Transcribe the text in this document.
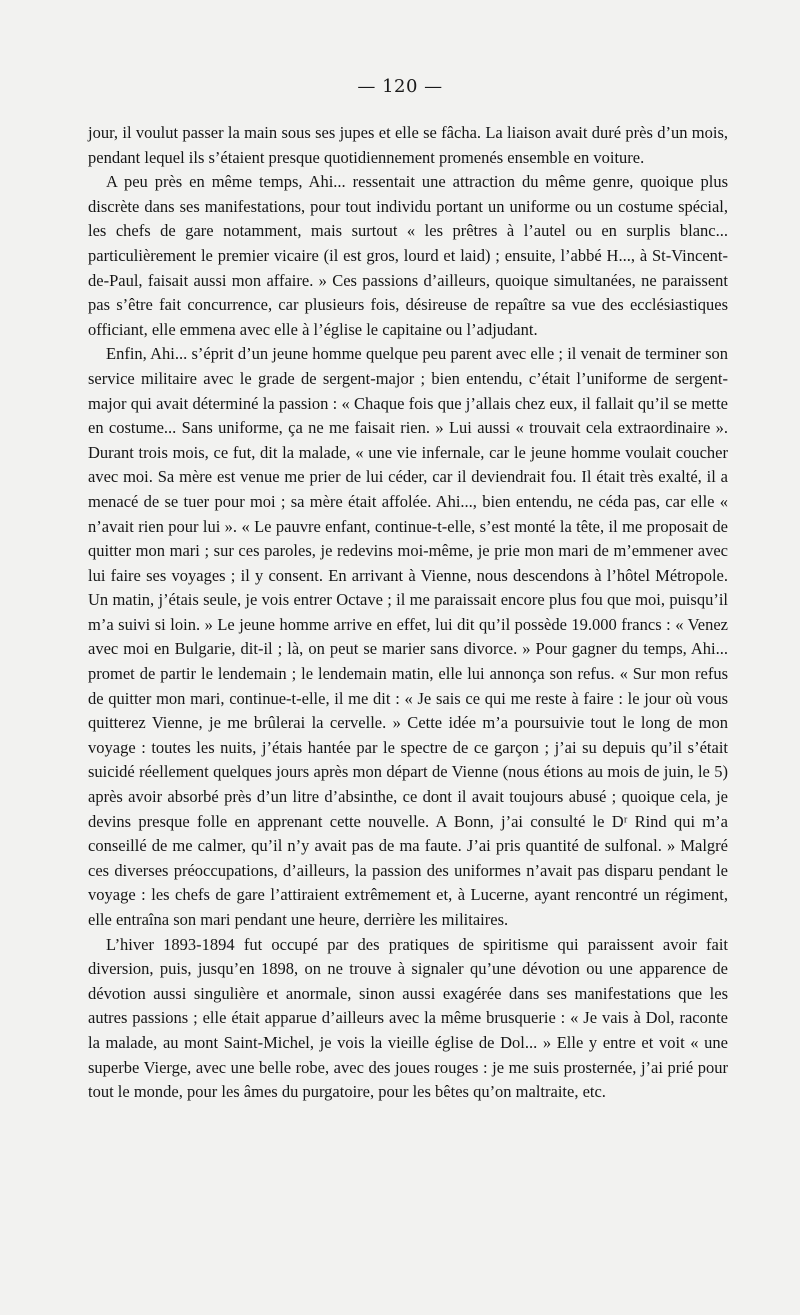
— 120 —

jour, il voulut passer la main sous ses jupes et elle se fâcha. La liaison avait duré près d’un mois, pendant lequel ils s’étaient presque quotidiennement promenés ensemble en voiture.

A peu près en même temps, Ahi... ressentait une attraction du même genre, quoique plus discrète dans ses manifestations, pour tout individu portant un uniforme ou un costume spécial, les chefs de gare notamment, mais surtout « les prêtres à l’autel ou en surplis blanc... particulièrement le premier vicaire (il est gros, lourd et laid) ; ensuite, l’abbé H..., à St-Vincent-de-Paul, faisait aussi mon affaire. » Ces passions d’ailleurs, quoique simultanées, ne paraissent pas s’être fait concurrence, car plusieurs fois, désireuse de repaître sa vue des ecclésiastiques officiant, elle emmena avec elle à l’église le capitaine ou l’adjudant.

Enfin, Ahi... s’éprit d’un jeune homme quelque peu parent avec elle ; il venait de terminer son service militaire avec le grade de sergent-major ; bien entendu, c’était l’uniforme de sergent-major qui avait déterminé la passion : « Chaque fois que j’allais chez eux, il fallait qu’il se mette en costume... Sans uniforme, ça ne me faisait rien. » Lui aussi « trouvait cela extraordinaire ». Durant trois mois, ce fut, dit la malade, « une vie infernale, car le jeune homme voulait coucher avec moi. Sa mère est venue me prier de lui céder, car il deviendrait fou. Il était très exalté, il a menacé de se tuer pour moi ; sa mère était affolée. Ahi..., bien entendu, ne céda pas, car elle « n’avait rien pour lui ». « Le pauvre enfant, continue-t-elle, s’est monté la tête, il me proposait de quitter mon mari ; sur ces paroles, je redevins moi-même, je prie mon mari de m’emmener avec lui faire ses voyages ; il y consent. En arrivant à Vienne, nous descendons à l’hôtel Métropole. Un matin, j’étais seule, je vois entrer Octave ; il me paraissait encore plus fou que moi, puisqu’il m’a suivi si loin. » Le jeune homme arrive en effet, lui dit qu’il possède 19.000 francs : « Venez avec moi en Bulgarie, dit-il ; là, on peut se marier sans divorce. » Pour gagner du temps, Ahi... promet de partir le lendemain ; le lendemain matin, elle lui annonça son refus. « Sur mon refus de quitter mon mari, continue-t-elle, il me dit : « Je sais ce qui me reste à faire : le jour où vous quitterez Vienne, je me brûlerai la cervelle. » Cette idée m’a poursuivie tout le long de mon voyage : toutes les nuits, j’étais hantée par le spectre de ce garçon ; j’ai su depuis qu’il s’était suicidé réellement quelques jours après mon départ de Vienne (nous étions au mois de juin, le 5) après avoir absorbé près d’un litre d’absinthe, ce dont il avait toujours abusé ; quoique cela, je devins presque folle en apprenant cette nouvelle. A Bonn, j’ai consulté le Dʳ Rind qui m’a conseillé de me calmer, qu’il n’y avait pas de ma faute. J’ai pris quantité de sulfonal. » Malgré ces diverses préoccupations, d’ailleurs, la passion des uniformes n’avait pas disparu pendant le voyage : les chefs de gare l’attiraient extrêmement et, à Lucerne, ayant rencontré un régiment, elle entraîna son mari pendant une heure, derrière les militaires.

L’hiver 1893-1894 fut occupé par des pratiques de spiritisme qui paraissent avoir fait diversion, puis, jusqu’en 1898, on ne trouve à signaler qu’une dévotion ou une apparence de dévotion aussi singulière et anormale, sinon aussi exagérée dans ses manifestations que les autres passions ; elle était apparue d’ailleurs avec la même brusquerie : « Je vais à Dol, raconte la malade, au mont Saint-Michel, je vois la vieille église de Dol... » Elle y entre et voit « une superbe Vierge, avec une belle robe, avec des joues rouges : je me suis prosternée, j’ai prié pour tout le monde, pour les âmes du purgatoire, pour les bêtes qu’on maltraite, etc.
